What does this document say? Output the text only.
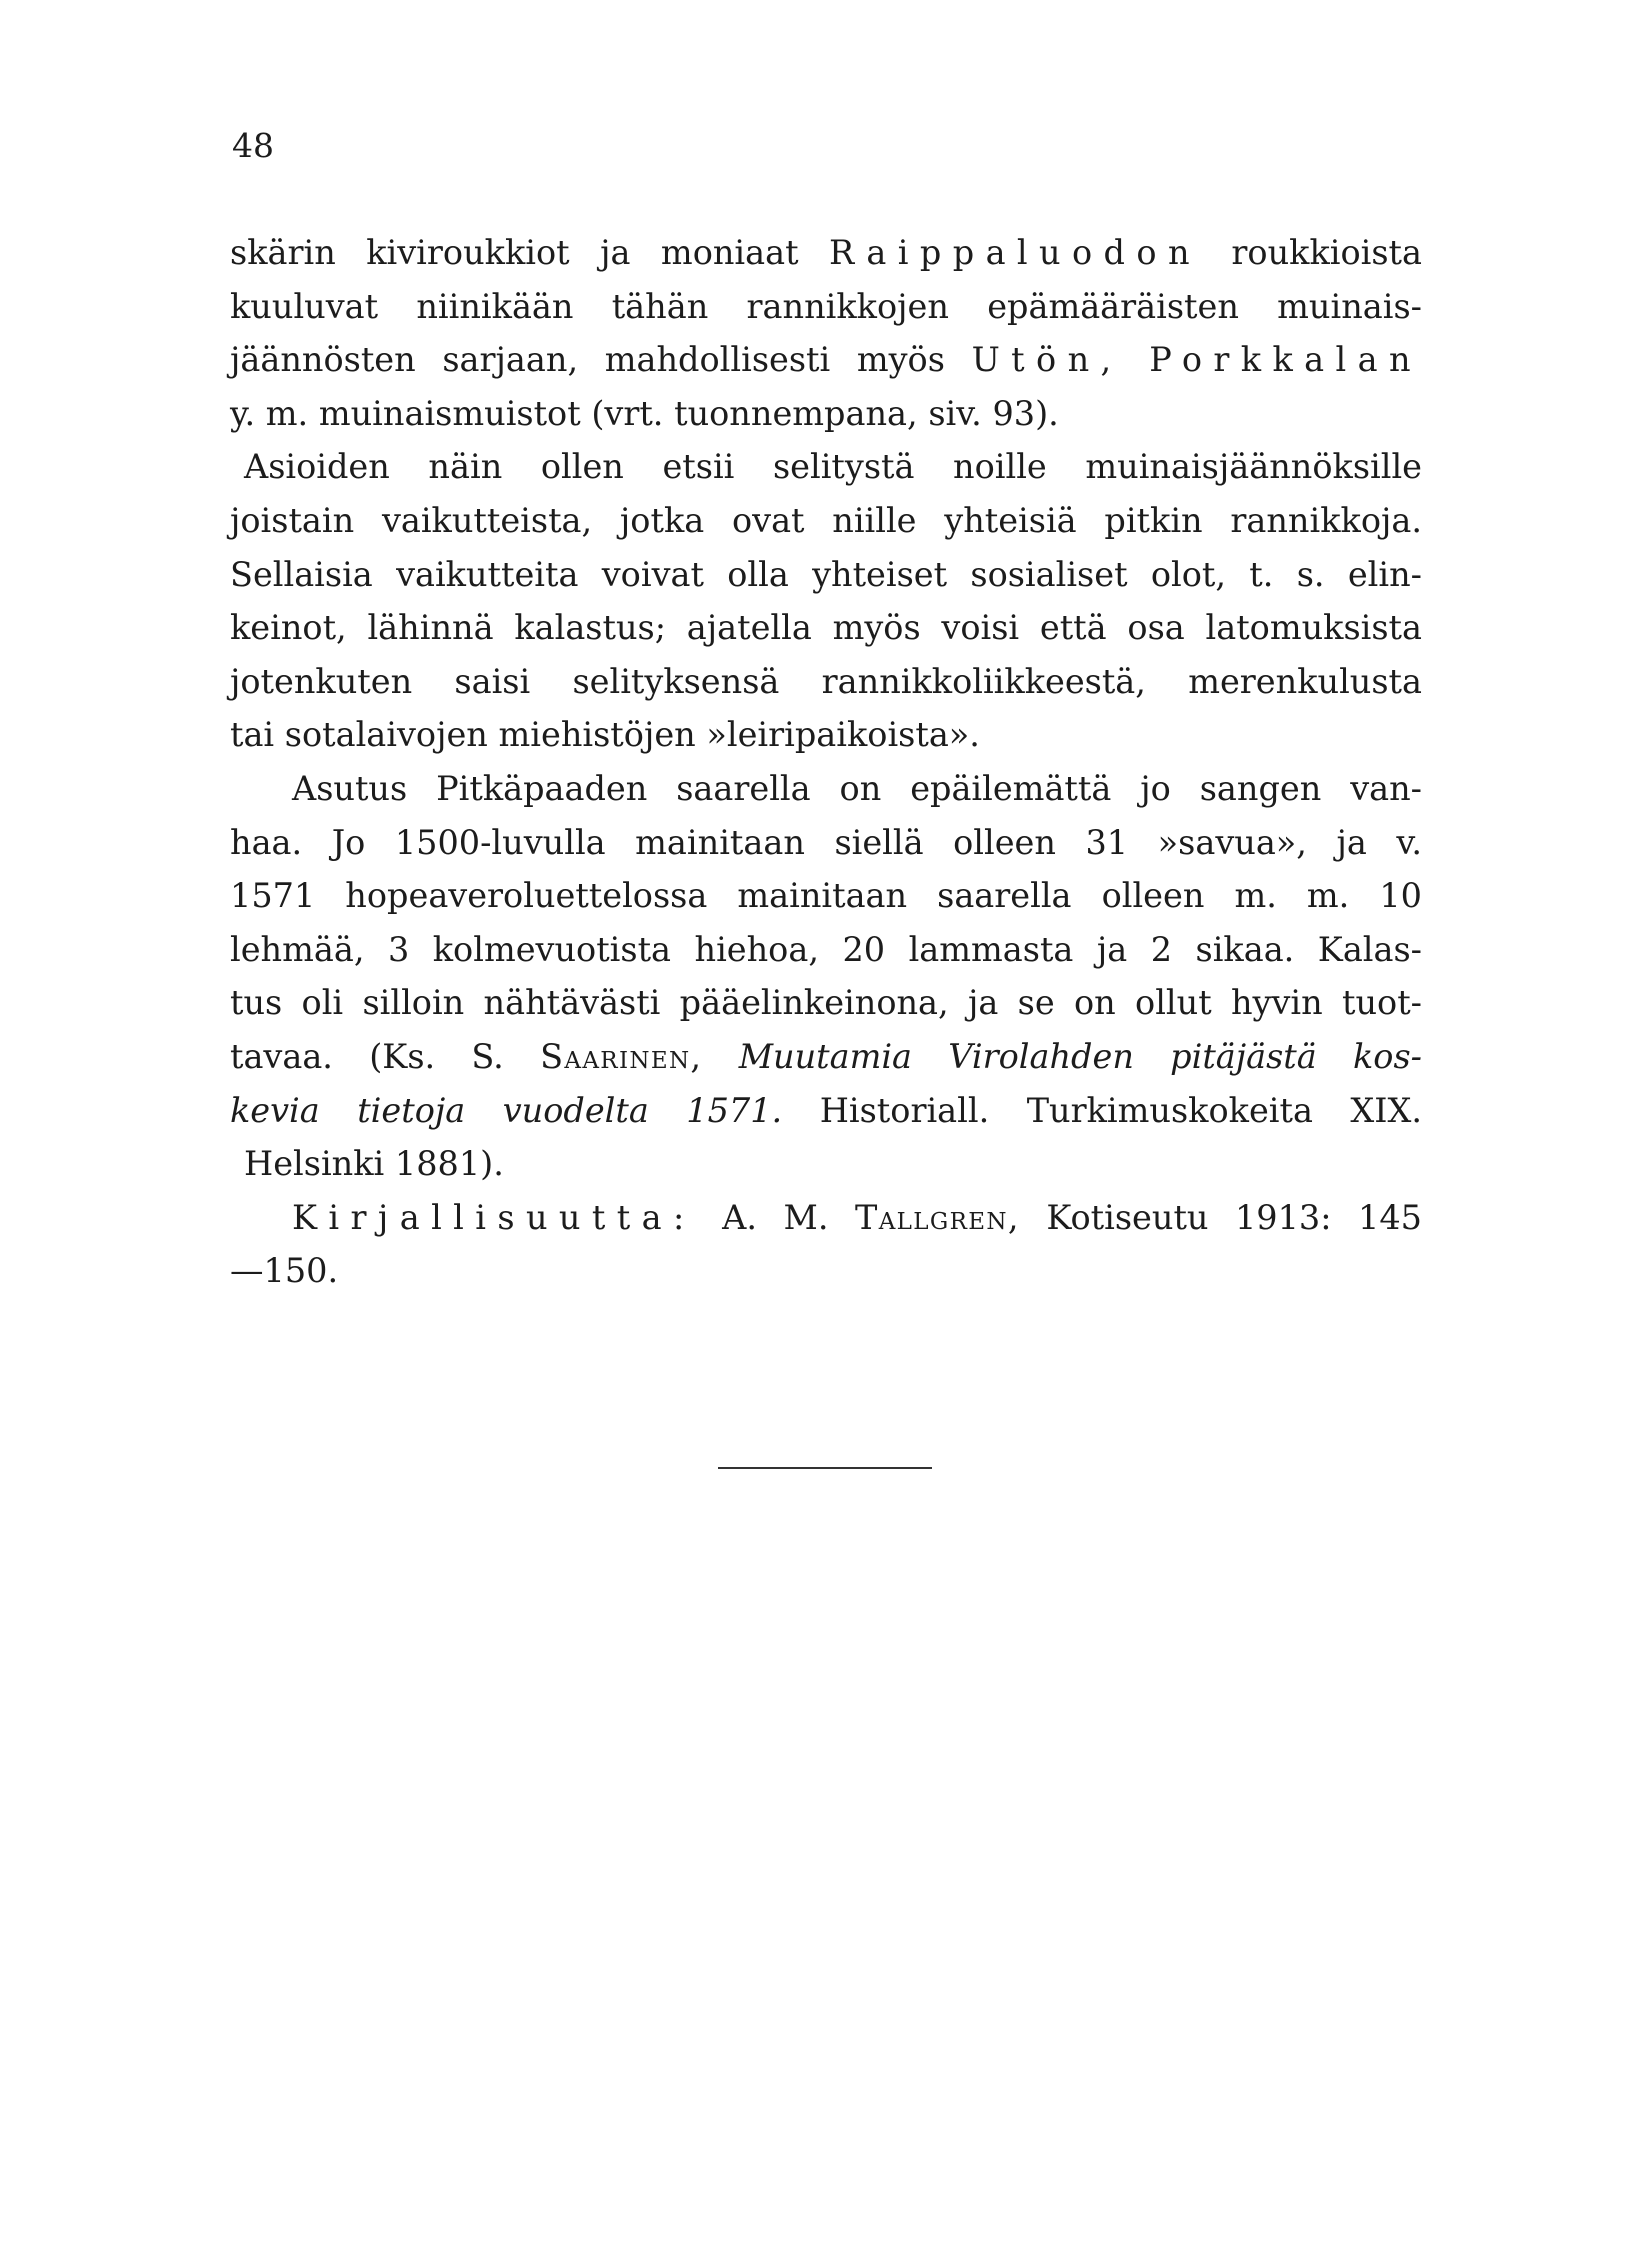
48
skärin kiviroukkiot ja moniaat Raippaluodon roukkioista
kuuluvat niinikään tähän rannikkojen epämääräisten muinais-
jäännösten sarjaan, mahdollisesti myös Utön, Porkkalan
y. m. muinaismuistot (vrt. tuonnempana, siv. 93).
Asioiden näin ollen etsii selitystä noille muinaisjäännöksille
joistain vaikutteista, jotka ovat niille yhteisiä pitkin rannikkoja.
Sellaisia vaikutteita voivat olla yhteiset sosialiset olot, t. s. elin-
keinot, lähinnä kalastus; ajatella myös voisi että osa latomuksista
jotenkuten saisi selityksensä rannikkoliikkeestä, merenkulusta
tai sotalaivojen miehistöjen »leiripaikoista».
Asutus Pitkäpaaden saarella on epäilemättä jo sangen van-
haa. Jo 1500-luvulla mainitaan siellä olleen 31 »savua», ja v.
1571 hopeaveroluettelossa mainitaan saarella olleen m. m. 10
lehmää, 3 kolmevuotista hiehoa, 20 lammasta ja 2 sikaa. Kalas-
tus oli silloin nähtävästi pääelinkeinona, ja se on ollut hyvin tuot-
tavaa. (Ks. S. Saarinen, Muutamia Virolahden pitäjästä kos-
kevia tietoja vuodelta 1571. Historiall. Turkimuskokeita XIX.
Helsinki 1881).
Kirjallisuutta: A. M. Tallgren, Kotiseutu 1913: 145
—150.
